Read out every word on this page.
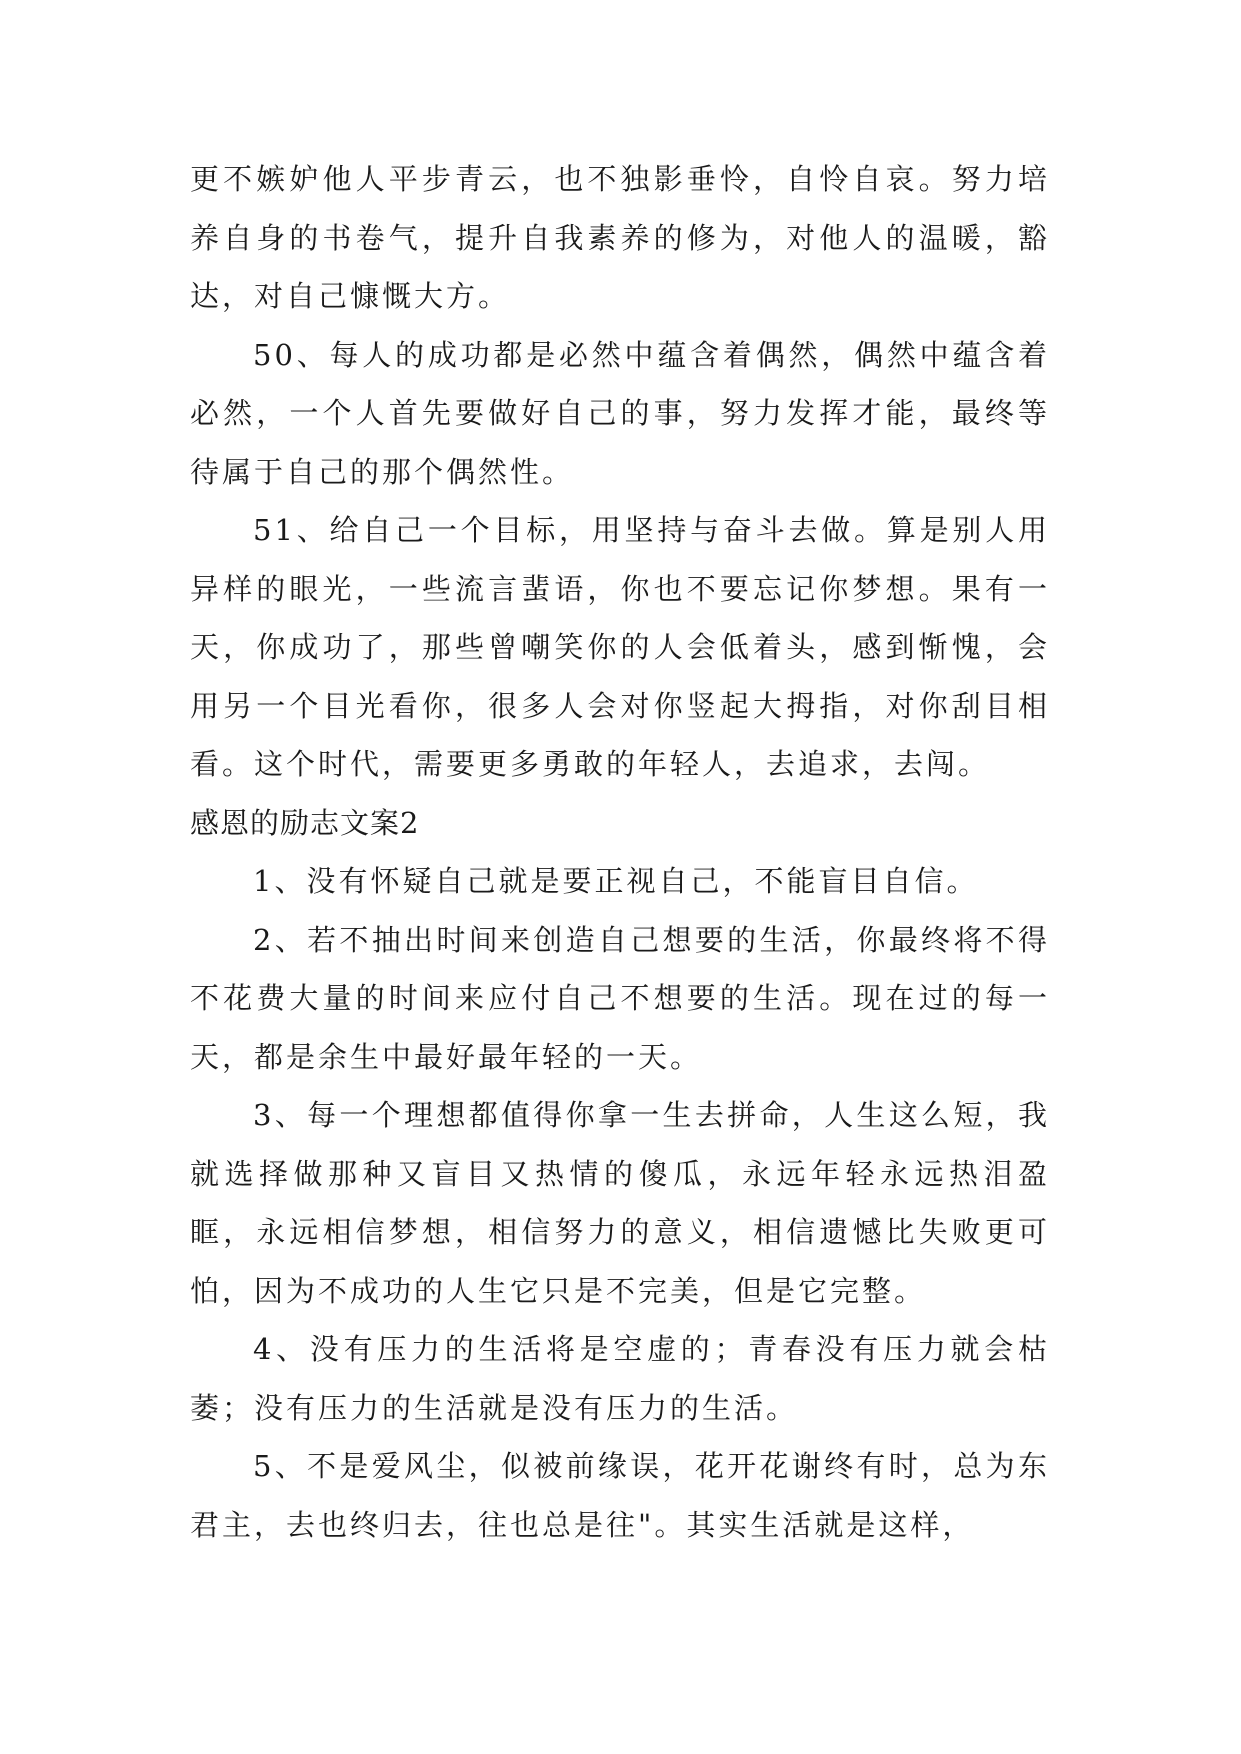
更不嫉妒他人平步青云，也不独影垂怜，自怜自哀。努力培养自身的书卷气，提升自我素养的修为，对他人的温暖，豁达，对自己慷慨大方。

50、每人的成功都是必然中蕴含着偶然，偶然中蕴含着必然，一个人首先要做好自己的事，努力发挥才能，最终等待属于自己的那个偶然性。

51、给自己一个目标，用坚持与奋斗去做。算是别人用异样的眼光，一些流言蜚语，你也不要忘记你梦想。果有一天，你成功了，那些曾嘲笑你的人会低着头，感到惭愧，会用另一个目光看你，很多人会对你竖起大拇指，对你刮目相看。这个时代，需要更多勇敢的年轻人，去追求，去闯。

感恩的励志文案2

1、没有怀疑自己就是要正视自己，不能盲目自信。

2、若不抽出时间来创造自己想要的生活，你最终将不得不花费大量的时间来应付自己不想要的生活。现在过的每一天，都是余生中最好最年轻的一天。

3、每一个理想都值得你拿一生去拼命，人生这么短，我就选择做那种又盲目又热情的傻瓜，永远年轻永远热泪盈眶，永远相信梦想，相信努力的意义，相信遗憾比失败更可怕，因为不成功的人生它只是不完美，但是它完整。

4、没有压力的生活将是空虚的；青春没有压力就会枯萎；没有压力的生活就是没有压力的生活。

5、不是爱风尘，似被前缘误，花开花谢终有时，总为东君主，去也终归去，往也总是往"。其实生活就是这样，
